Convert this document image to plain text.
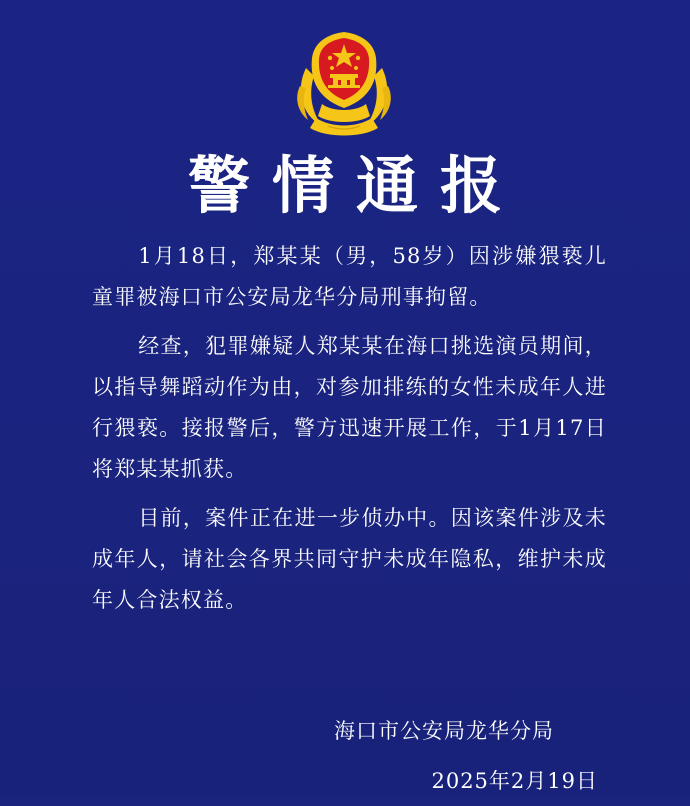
警情通报

1月18日，郑某某（男，58岁）因涉嫌猥亵儿童罪被海口市公安局龙华分局刑事拘留。

经查，犯罪嫌疑人郑某某在海口挑选演员期间，以指导舞蹈动作为由，对参加排练的女性未成年人进行猥亵。接报警后，警方迅速开展工作，于1月17日将郑某某抓获。

目前，案件正在进一步侦办中。因该案件涉及未成年人，请社会各界共同守护未成年隐私，维护未成年人合法权益。

海口市公安局龙华分局
2025年2月19日
